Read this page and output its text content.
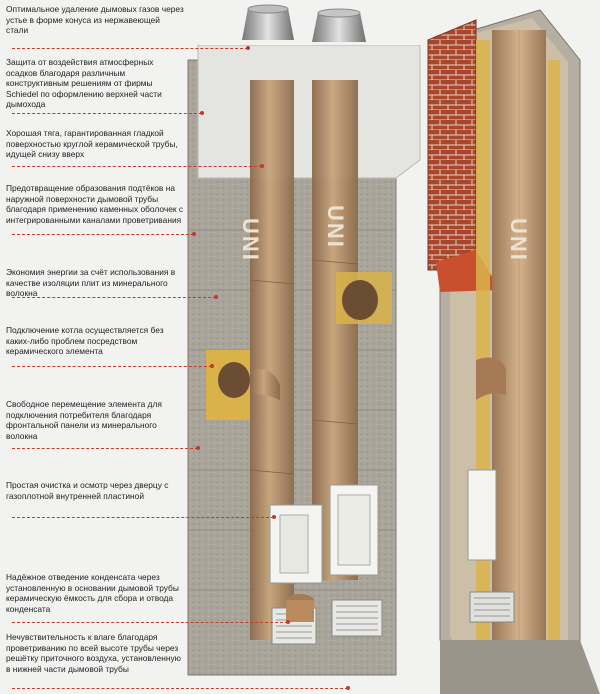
UNI	UNI	UNI
Оптимальное удаление дымовых газов через устье в форме конуса из нержавеющей стали
Защита от воздействия атмосферных осадков благодаря различным конструктивным решениям от фирмы Schiedel по оформлению верхней части дымохода
Хорошая тяга, гарантированная гладкой поверхностью круглой керамической трубы, идущей снизу вверх
Предотвращение образования подтёков на наружной поверхности дымовой трубы благодаря применению каменных оболочек с интегрированными каналами проветривания
Экономия энергии за счёт использования в качестве изоляции плит из минерального волокна
Подключение котла осуществляется без каких-либо проблем посредством керамического элемента
Свободное перемещение элемента для подключения потребителя благодаря фронтальной панели из минерального волокна
Простая очистка и осмотр через дверцу с газоплотной внутренней пластиной
Надёжное отведение конденсата через установленную в основании дымовой трубы керамическую ёмкость для сбора и отвода конденсата
Нечувствительность к влаге благодаря проветриванию по всей высоте трубы через решётку приточного воздуха, установленную в нижней части дымовой трубы
